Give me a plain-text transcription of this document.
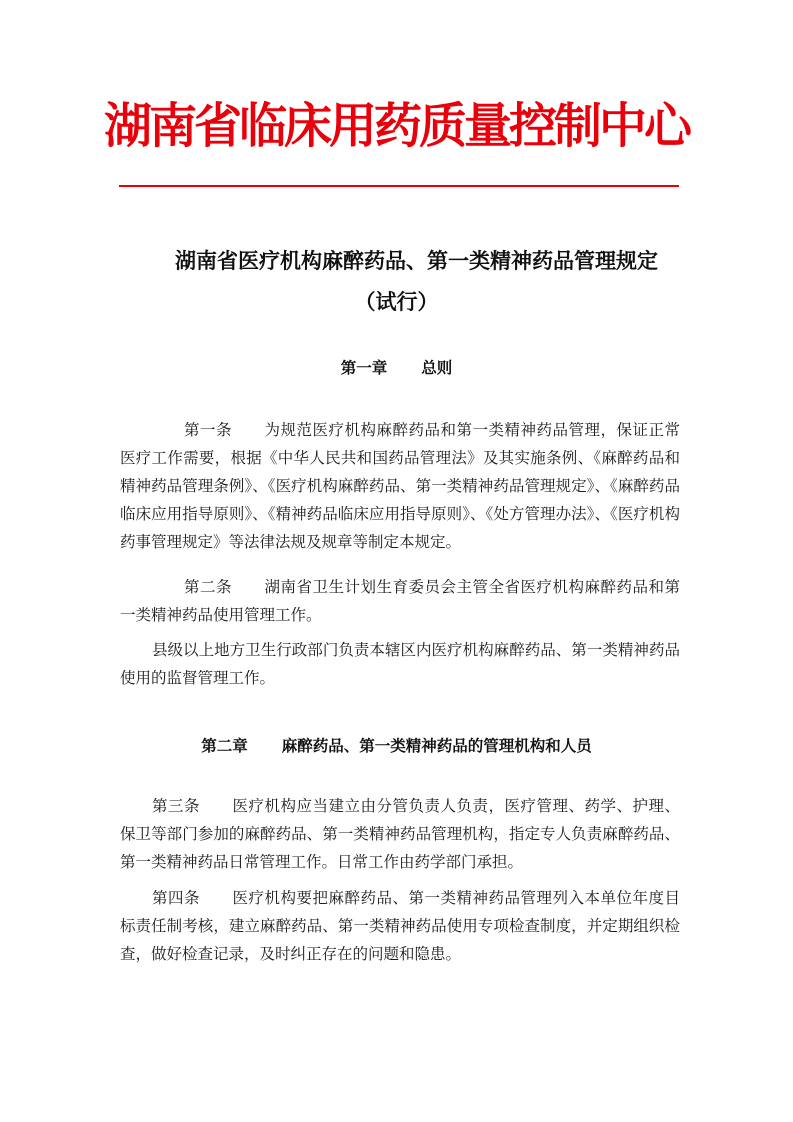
湖南省临床用药质量控制中心
湖南省医疗机构麻醉药品、第一类精神药品管理规定
（试行）
第一章 总则
第一条 为规范医疗机构麻醉药品和第一类精神药品管理，保证正常医疗工作需要，根据《中华人民共和国药品管理法》及其实施条例、《麻醉药品和精神药品管理条例》、《医疗机构麻醉药品、第一类精神药品管理规定》、《麻醉药品临床应用指导原则》、《精神药品临床应用指导原则》、《处方管理办法》、《医疗机构药事管理规定》等法律法规及规章等制定本规定。
第二条 湖南省卫生计划生育委员会主管全省医疗机构麻醉药品和第一类精神药品使用管理工作。
县级以上地方卫生行政部门负责本辖区内医疗机构麻醉药品、第一类精神药品使用的监督管理工作。
第二章 麻醉药品、第一类精神药品的管理机构和人员
第三条 医疗机构应当建立由分管负责人负责，医疗管理、药学、护理、保卫等部门参加的麻醉药品、第一类精神药品管理机构，指定专人负责麻醉药品、第一类精神药品日常管理工作。日常工作由药学部门承担。
第四条 医疗机构要把麻醉药品、第一类精神药品管理列入本单位年度目标责任制考核，建立麻醉药品、第一类精神药品使用专项检查制度，并定期组织检查，做好检查记录，及时纠正存在的问题和隐患。
